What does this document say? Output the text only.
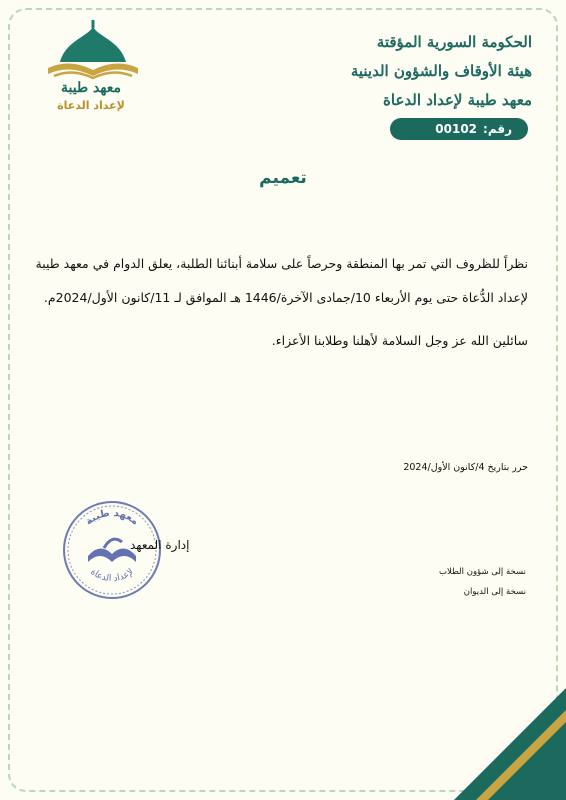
معهد طيبة
لإعداد الدعاة
الحكومة السورية المؤقتة
هيئة الأوقاف والشؤون الدينية
معهد طيبة لإعداد الدعاة
رقم:
00102
تعميم

نظراً للظروف التي تمر بها المنطقة وحرصاً على سلامة أبنائنا الطلبة، يعلق الدوام في معهد طيبة

لإعداد الدُّعاة حتى يوم الأربعاء 10/جمادى الآخرة/1446 هـ الموافق لـ 11/كانون الأول/2024م.

سائلين الله عز وجل السلامة لأهلنا وطلابنا الأعزاء.

حرر بتاريخ 4/كانون الأول/2024
معهد طيبة
لإعداد الدعاة
إدارة المعهد
نسخة إلى شؤون الطلاب
نسخة إلى الديوان
